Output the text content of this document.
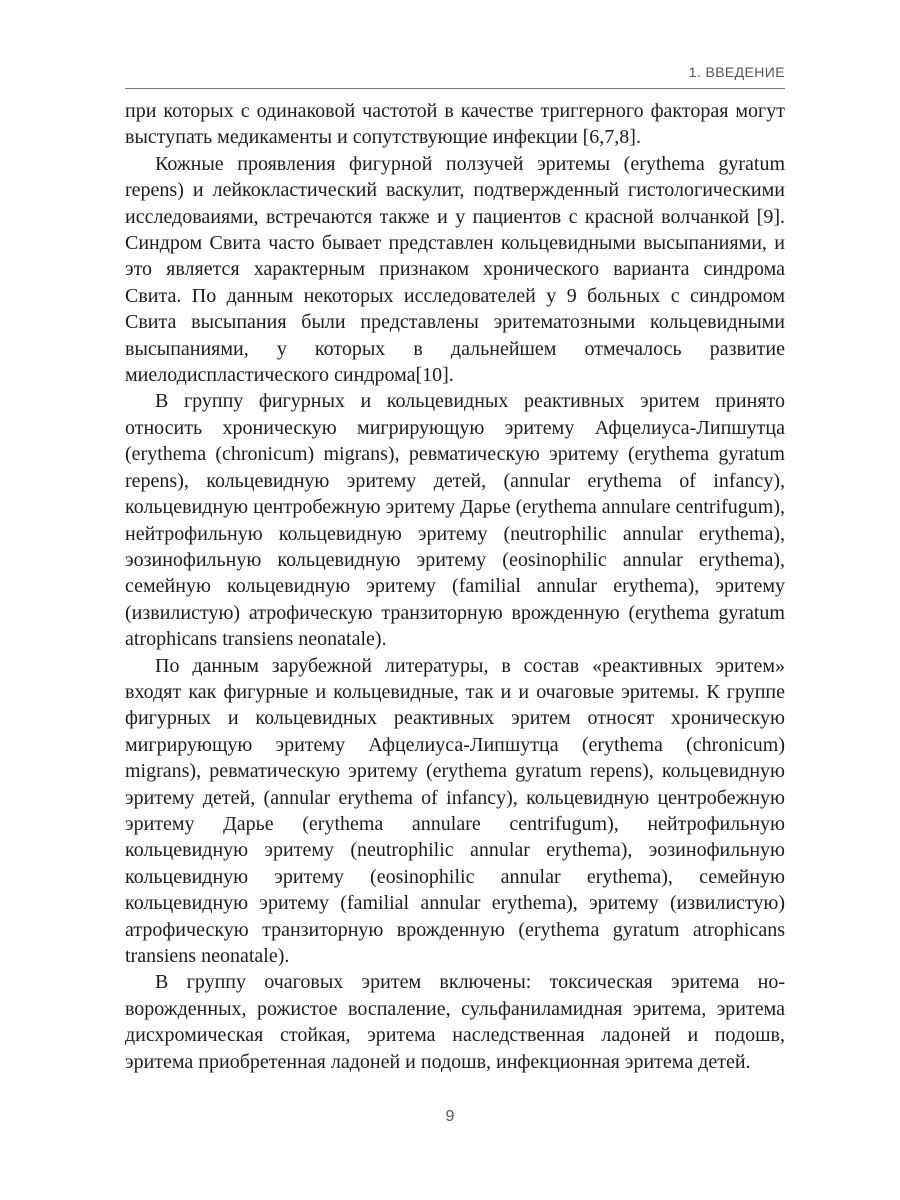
1. ВВЕДЕНИЕ

при которых с одинаковой частотой в качестве триггерного факторая могут выступать медикаменты и сопутствующие инфекции [6,7,8].

Кожные проявления фигурной ползучей эритемы (erythema gyratum repens) и лейкокластический васкулит, подтвержденный гистологическими исследоваиями, встречаются также и у пациентов с красной волчанкой [9]. Синдром Свита часто бывает представлен кольцевидными высыпаниями, и это является характерным признаком хронического варианта синдрома Свита. По данным некоторых исследователей у 9 больных с синдромом Свита высыпания были представлены эритематозными кольцевидными высыпаниями, у которых в дальнейшем отмечалось развитие миелодиспластического синдрома[10].

В группу фигурных и кольцевидных реактивных эритем принято относить хроническую мигрирующую эритему Афцелиуса-Липшутца (erythema (chronicum) migrans), ревматическую эритему (erythema gyratum repens), кольцевидную эритему детей, (annular erythema of infancy), кольцевидную центробежную эритему Дарье (erythema annulare centrifugum), нейтрофильную кольцевидную эритему (neutrophilic annular erythema), эозинофильную кольцевидную эритему (eosinophilic annular erythema), семейную кольцевидную эритему (familial annular erythema), эритему (извилистую) атрофическую транзиторную врожденную (erythema gyratum atrophicans transiens neonatale).

По данным зарубежной литературы, в состав «реактивных эритем» входят как фигурные и кольцевидные, так и и очаговые эритемы. К группе фигурных и кольцевидных реактивных эритем относят хроническую мигрирующую эритему Афцелиуса-Липшутца (erythema (chronicum) migrans), ревматическую эритему (erythema gyratum repens), кольцевидную эритему детей, (annular erythema of infancy), кольцевидную центробежную эритему Дарье (erythema annulare centrifugum), нейтрофильную кольцевидную эритему (neutrophilic annular erythema), эозинофильную кольцевидную эритему (eosinophilic annular erythema), семейную кольцевидную эритему (familial annular erythema), эритему (извилистую) атрофическую транзиторную врожденную (erythema gyratum atrophicans transiens neonatale).

В группу очаговых эритем включены: токсическая эритема новорожденных, рожистое воспаление, сульфаниламидная эритема, эритема дисхромическая стойкая, эритема наследственная ладоней и подошв, эритема приобретенная ладоней и подошв, инфекционная эритема детей.

9
